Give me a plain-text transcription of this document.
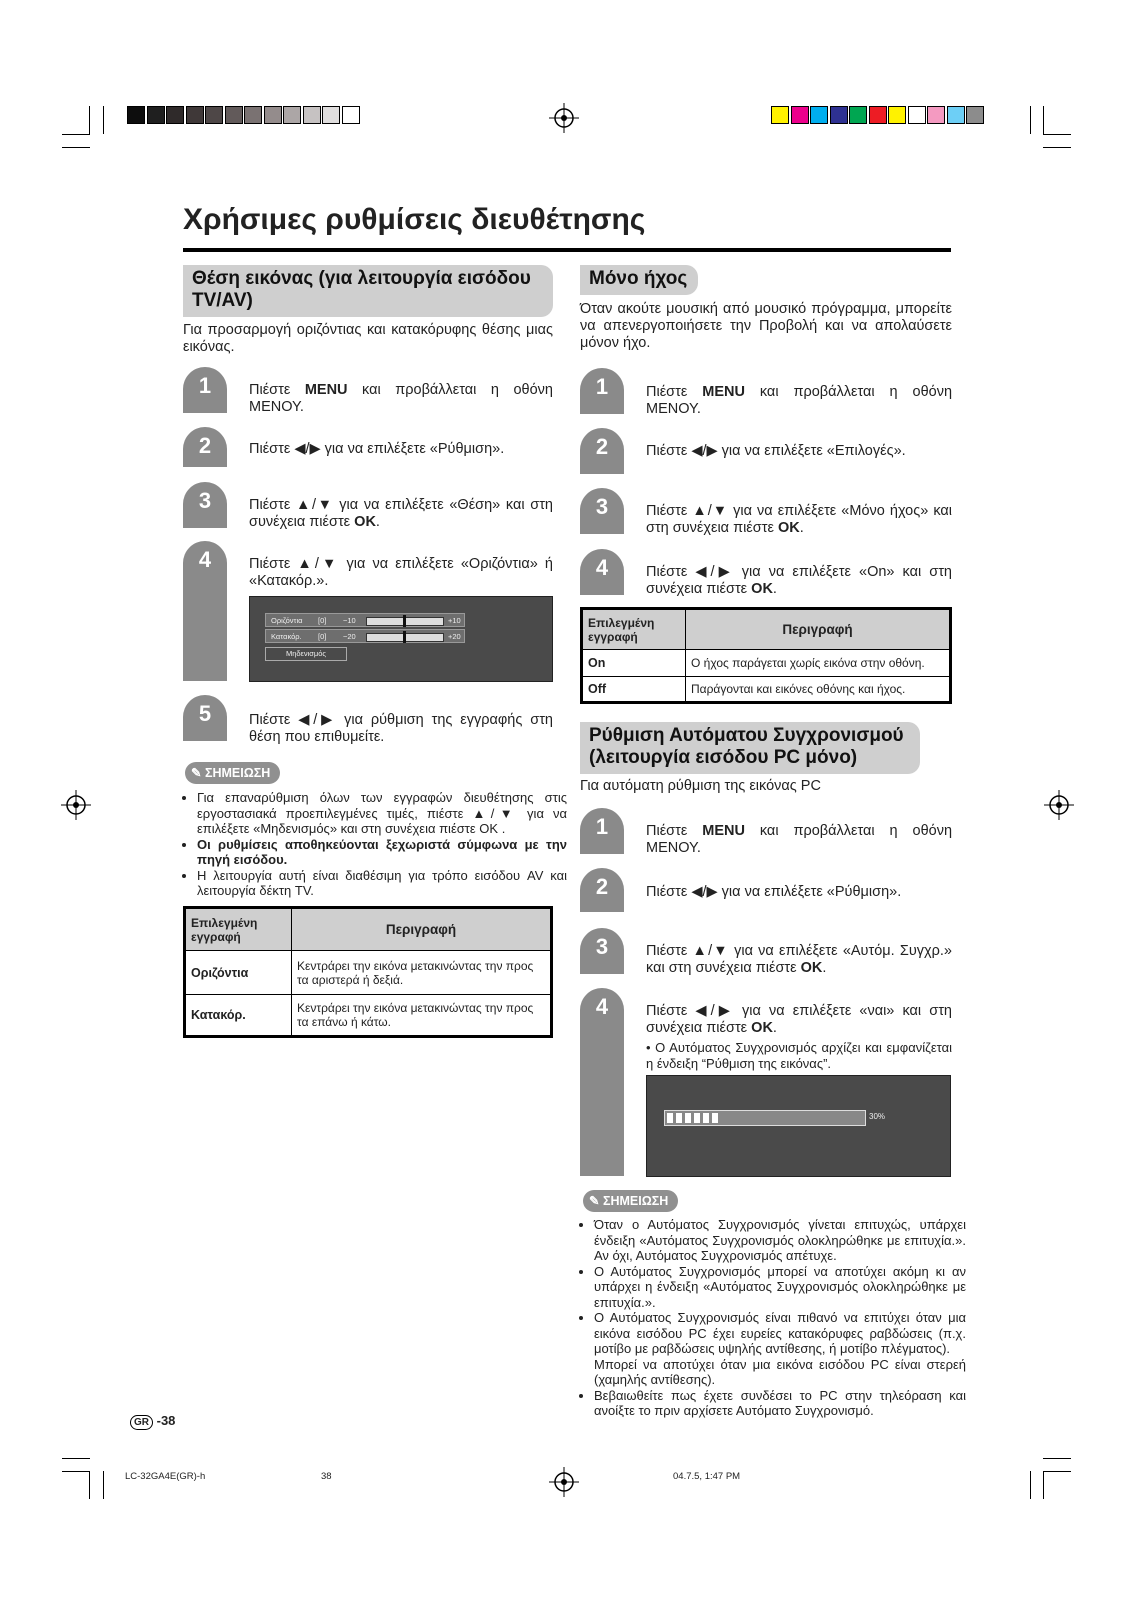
Χρήσιμες ρυθμίσεις διευθέτησης
Θέση εικόνας (για λειτουργία εισόδου TV/AV)
Για προσαρμογή οριζόντιας και κατακόρυφης θέσης μιας εικόνας.
1	Πιέστε MENU και προβάλλεται η οθόνη ΜΕΝΟΥ.
2	Πιέστε ◀/▶ για να επιλέξετε «Ρύθμιση».
3	Πιέστε ▲/▼ για να επιλέξετε «Θέση» και στη συνέχεια πιέστε OK.
4	Πιέστε ▲/▼ για να επιλέξετε «Οριζόντια» ή «Κατακόρ.».
Οριζόντια [0] −10	+10
Κατακόρ. [0] −20	+20
Μηδενισμός
5	Πιέστε ◀/▶ για ρύθμιση της εγγραφής στη θέση που επιθυμείτε.
✎ ΣΗΜΕΙΩΣΗ
• Για επαναρύθμιση όλων των εγγραφών διευθέτησης στις εργοστασιακά προεπιλεγμένες τιμές, πιέστε ▲/▼ για να επιλέξετε «Μηδενισμός» και στη συνέχεια πιέστε OK .
• Οι ρυθμίσεις αποθηκεύονται ξεχωριστά σύμφωνα με την πηγή εισόδου.
• Η λειτουργία αυτή είναι διαθέσιμη για τρόπο εισόδου AV και λειτουργία δέκτη TV.
Επιλεγμένη εγγραφή	Περιγραφή
Οριζόντια	Κεντράρει την εικόνα μετακινώντας την προς τα αριστερά ή δεξιά.
Κατακόρ.	Κεντράρει την εικόνα μετακινώντας την προς τα επάνω ή κάτω.
Μόνο ήχος
Όταν ακούτε μουσική από μουσικό πρόγραμμα, μπορείτε να απενεργοποιήσετε την Προβολή και να απολαύσετε μόνον ήχο.
1	Πιέστε MENU και προβάλλεται η οθόνη ΜΕΝΟΥ.
2	Πιέστε ◀/▶ για να επιλέξετε «Επιλογές».
3	Πιέστε ▲/▼ για να επιλέξετε «Μόνο ήχος» και στη συνέχεια πιέστε OK.
4	Πιέστε ◀/▶ για να επιλέξετε «On» και στη συνέχεια πιέστε OK.
Επιλεγμένη εγγραφή	Περιγραφή
On	Ο ήχος παράγεται χωρίς εικόνα στην οθόνη.
Off	Παράγονται και εικόνες οθόνης και ήχος.
Ρύθμιση Αυτόματου Συγχρονισμού (λειτουργία εισόδου PC μόνο)
Για αυτόματη ρύθμιση της εικόνας PC
1	Πιέστε MENU και προβάλλεται η οθόνη ΜΕΝΟΥ.
2	Πιέστε ◀/▶ για να επιλέξετε «Ρύθμιση».
3	Πιέστε ▲/▼ για να επιλέξετε «Αυτόμ. Συγχρ.» και στη συνέχεια πιέστε OK.
4	Πιέστε ◀/▶ για να επιλέξετε «ναι» και στη συνέχεια πιέστε OK.
• Ο Αυτόματος Συγχρονισμός αρχίζει και εμφανίζεται η ένδειξη “Ρύθμιση της εικόνας”.
30%
✎ ΣΗΜΕΙΩΣΗ
• Όταν ο Αυτόματος Συγχρονισμός γίνεται επιτυχώς, υπάρχει ένδειξη «Αυτόματος Συγχρονισμός ολοκληρώθηκε με επιτυχία.». Αν όχι, Αυτόματος Συγχρονισμός απέτυχε.
• Ο Αυτόματος Συγχρονισμός μπορεί να αποτύχει ακόμη κι αν υπάρχει η ένδειξη «Αυτόματος Συγχρονισμός ολοκληρώθηκε με επιτυχία.».
• Ο Αυτόματος Συγχρονισμός είναι πιθανό να επιτύχει όταν μια εικόνα εισόδου PC έχει ευρείες κατακόρυφες ραβδώσεις (π.χ. μοτίβο με ραβδώσεις υψηλής αντίθεσης, ή μοτίβο πλέγματος).
Μπορεί να αποτύχει όταν μια εικόνα εισόδου PC είναι στερεή (χαμηλής αντίθεσης).
• Βεβαιωθείτε πως έχετε συνδέσει το PC στην τηλεόραση και ανοίξτε το πριν αρχίσετε Αυτόματο Συγχρονισμό.
GR -38
LC-32GA4E(GR)-h	38	04.7.5, 1:47 PM
